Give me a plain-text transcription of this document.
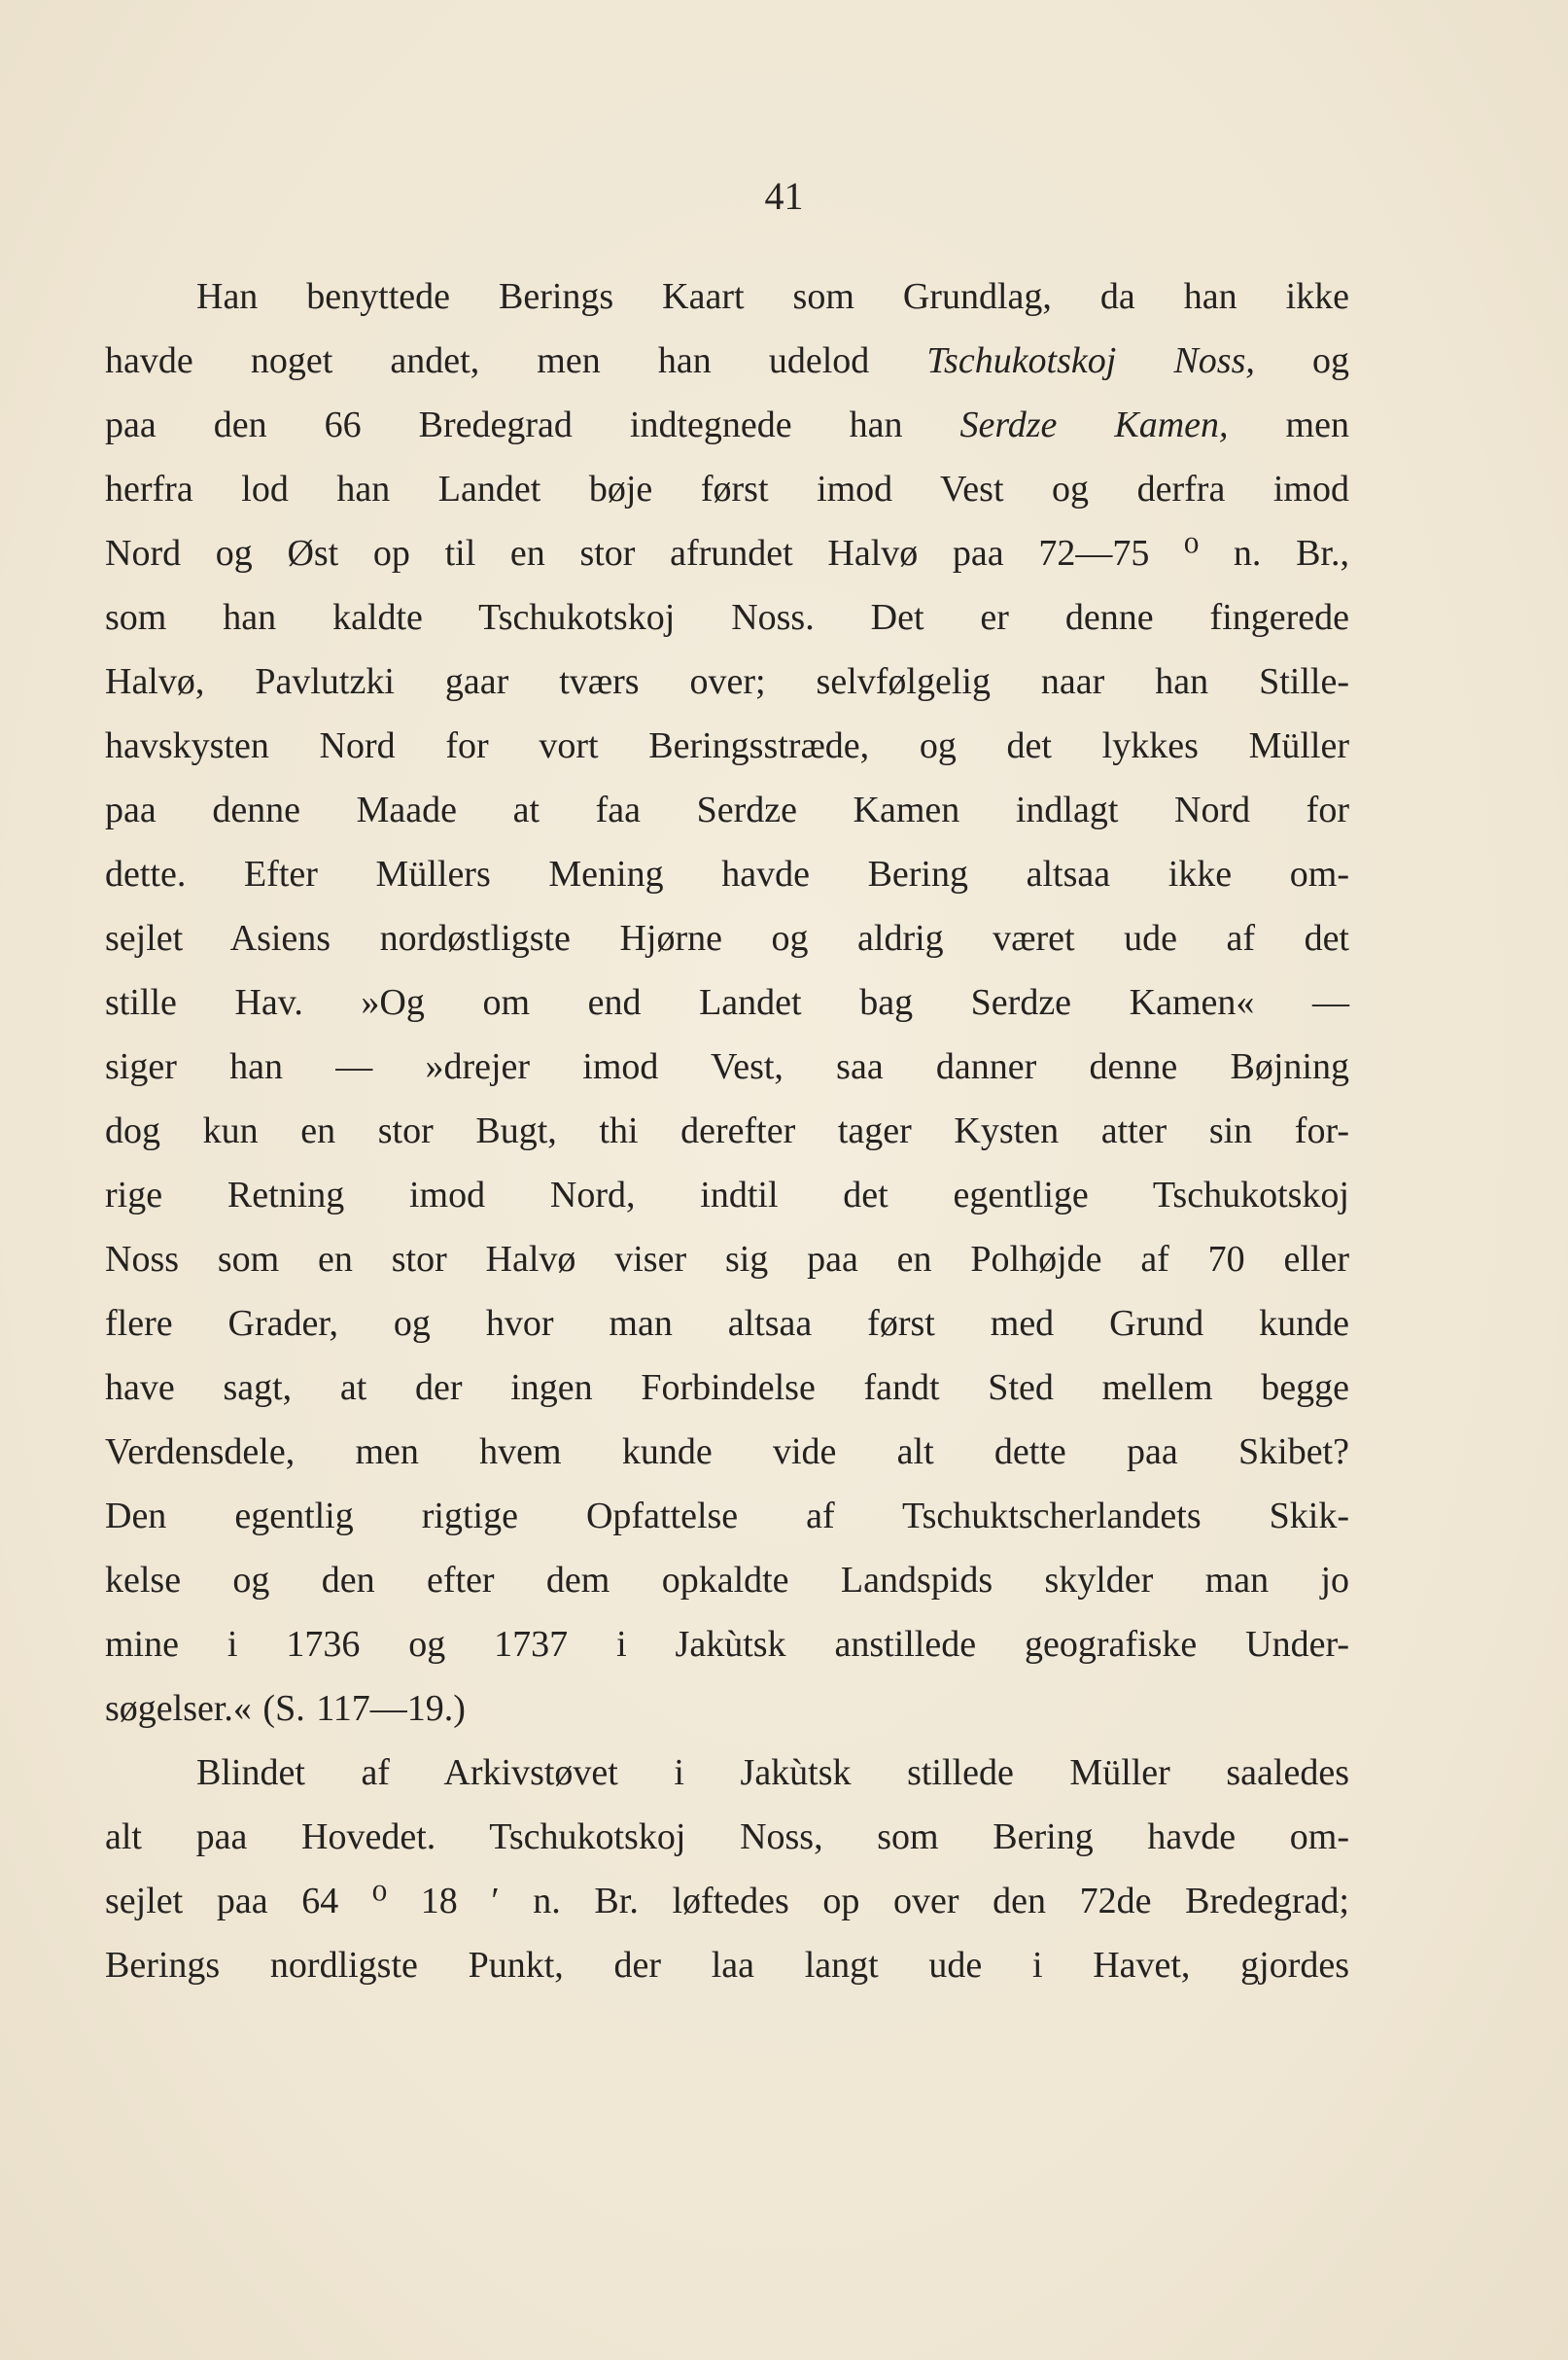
41
Han benyttede Berings Kaart som Grundlag, da han ikke
havde noget andet, men han udelod Tschukotskoj Noss, og
paa den 66 Bredegrad indtegnede han Serdze Kamen, men
herfra lod han Landet bøje først imod Vest og derfra imod
Nord og Øst op til en stor afrundet Halvø paa 72—75 ⁰ n. Br.,
som han kaldte Tschukotskoj Noss. Det er denne fingerede
Halvø, Pavlutzki gaar tværs over; selvfølgelig naar han Stille-
havskysten Nord for vort Beringsstræde, og det lykkes Müller
paa denne Maade at faa Serdze Kamen indlagt Nord for
dette. Efter Müllers Mening havde Bering altsaa ikke om-
sejlet Asiens nordøstligste Hjørne og aldrig været ude af det
stille Hav. »Og om end Landet bag Serdze Kamen« —
siger han — »drejer imod Vest, saa danner denne Bøjning
dog kun en stor Bugt, thi derefter tager Kysten atter sin for-
rige Retning imod Nord, indtil det egentlige Tschukotskoj
Noss som en stor Halvø viser sig paa en Polhøjde af 70 eller
flere Grader, og hvor man altsaa først med Grund kunde
have sagt, at der ingen Forbindelse fandt Sted mellem begge
Verdensdele, men hvem kunde vide alt dette paa Skibet?
Den egentlig rigtige Opfattelse af Tschuktscherlandets Skik-
kelse og den efter dem opkaldte Landspids skylder man jo
mine i 1736 og 1737 i Jakùtsk anstillede geografiske Under-
søgelser.« (S. 117—19.)
Blindet af Arkivstøvet i Jakùtsk stillede Müller saaledes
alt paa Hovedet. Tschukotskoj Noss, som Bering havde om-
sejlet paa 64 ⁰ 18 ′ n. Br. løftedes op over den 72de Bredegrad;
Berings nordligste Punkt, der laa langt ude i Havet, gjordes
